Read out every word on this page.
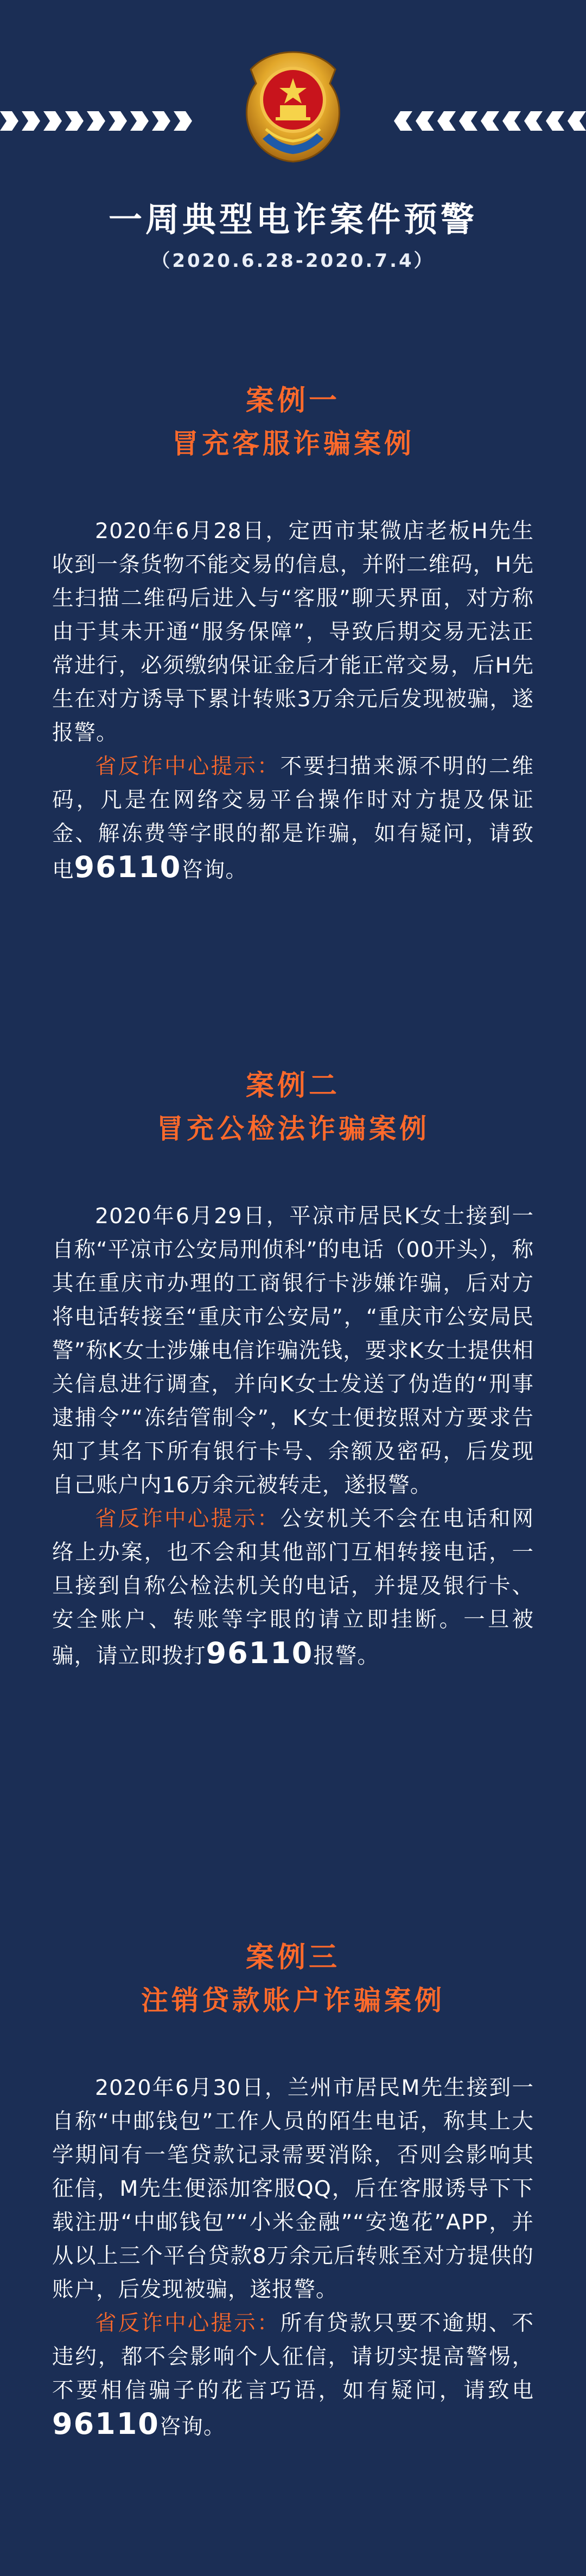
一周典型电诈案件预警
（2020.6.28-2020.7.4）
案例一
冒充客服诈骗案例

2020年6月28日，定西市某微店老板H先生收到一条货物不能交易的信息，并附二维码，H先生扫描二维码后进入与“客服”聊天界面，对方称由于其未开通“服务保障”，导致后期交易无法正常进行，必须缴纳保证金后才能正常交易，后H先生在对方诱导下累计转账3万余元后发现被骗，遂报警。

省反诈中心提示：不要扫描来源不明的二维码，凡是在网络交易平台操作时对方提及保证金、解冻费等字眼的都是诈骗，如有疑问，请致电96110咨询。

案例二
冒充公检法诈骗案例

2020年6月29日，平凉市居民K女士接到一自称“平凉市公安局刑侦科”的电话（00开头），称其在重庆市办理的工商银行卡涉嫌诈骗，后对方将电话转接至“重庆市公安局”，“重庆市公安局民警”称K女士涉嫌电信诈骗洗钱，要求K女士提供相关信息进行调查，并向K女士发送了伪造的“刑事逮捕令”“冻结管制令”，K女士便按照对方要求告知了其名下所有银行卡号、余额及密码，后发现自己账户内16万余元被转走，遂报警。

省反诈中心提示：公安机关不会在电话和网络上办案，也不会和其他部门互相转接电话，一旦接到自称公检法机关的电话，并提及银行卡、安全账户、转账等字眼的请立即挂断。一旦被骗，请立即拨打96110报警。

案例三
注销贷款账户诈骗案例

2020年6月30日，兰州市居民M先生接到一自称“中邮钱包”工作人员的陌生电话，称其上大学期间有一笔贷款记录需要消除，否则会影响其征信，M先生便添加客服QQ，后在客服诱导下下载注册“中邮钱包”“小米金融”“安逸花”APP，并从以上三个平台贷款8万余元后转账至对方提供的账户，后发现被骗，遂报警。

省反诈中心提示：所有贷款只要不逾期、不违约，都不会影响个人征信，请切实提高警惕，不要相信骗子的花言巧语，如有疑问，请致电96110咨询。
